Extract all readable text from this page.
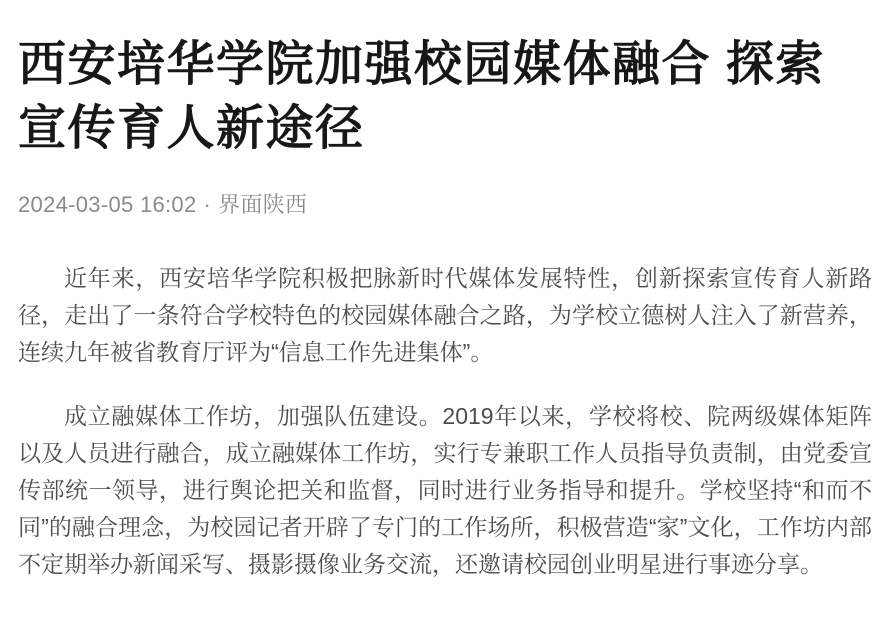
西安培华学院加强校园媒体融合 探索宣传育人新途径
2024-03-05 16:02 · 界面陕西

近年来，西安培华学院积极把脉新时代媒体发展特性，创新探索宣传育人新路径，走出了一条符合学校特色的校园媒体融合之路，为学校立德树人注入了新营养，连续九年被省教育厅评为“信息工作先进集体”。

成立融媒体工作坊，加强队伍建设。2019年以来，学校将校、院两级媒体矩阵以及人员进行融合，成立融媒体工作坊，实行专兼职工作人员指导负责制，由党委宣传部统一领导，进行舆论把关和监督，同时进行业务指导和提升。学校坚持“和而不同”的融合理念，为校园记者开辟了专门的工作场所，积极营造“家”文化，工作坊内部不定期举办新闻采写、摄影摄像业务交流，还邀请校园创业明星进行事迹分享。
